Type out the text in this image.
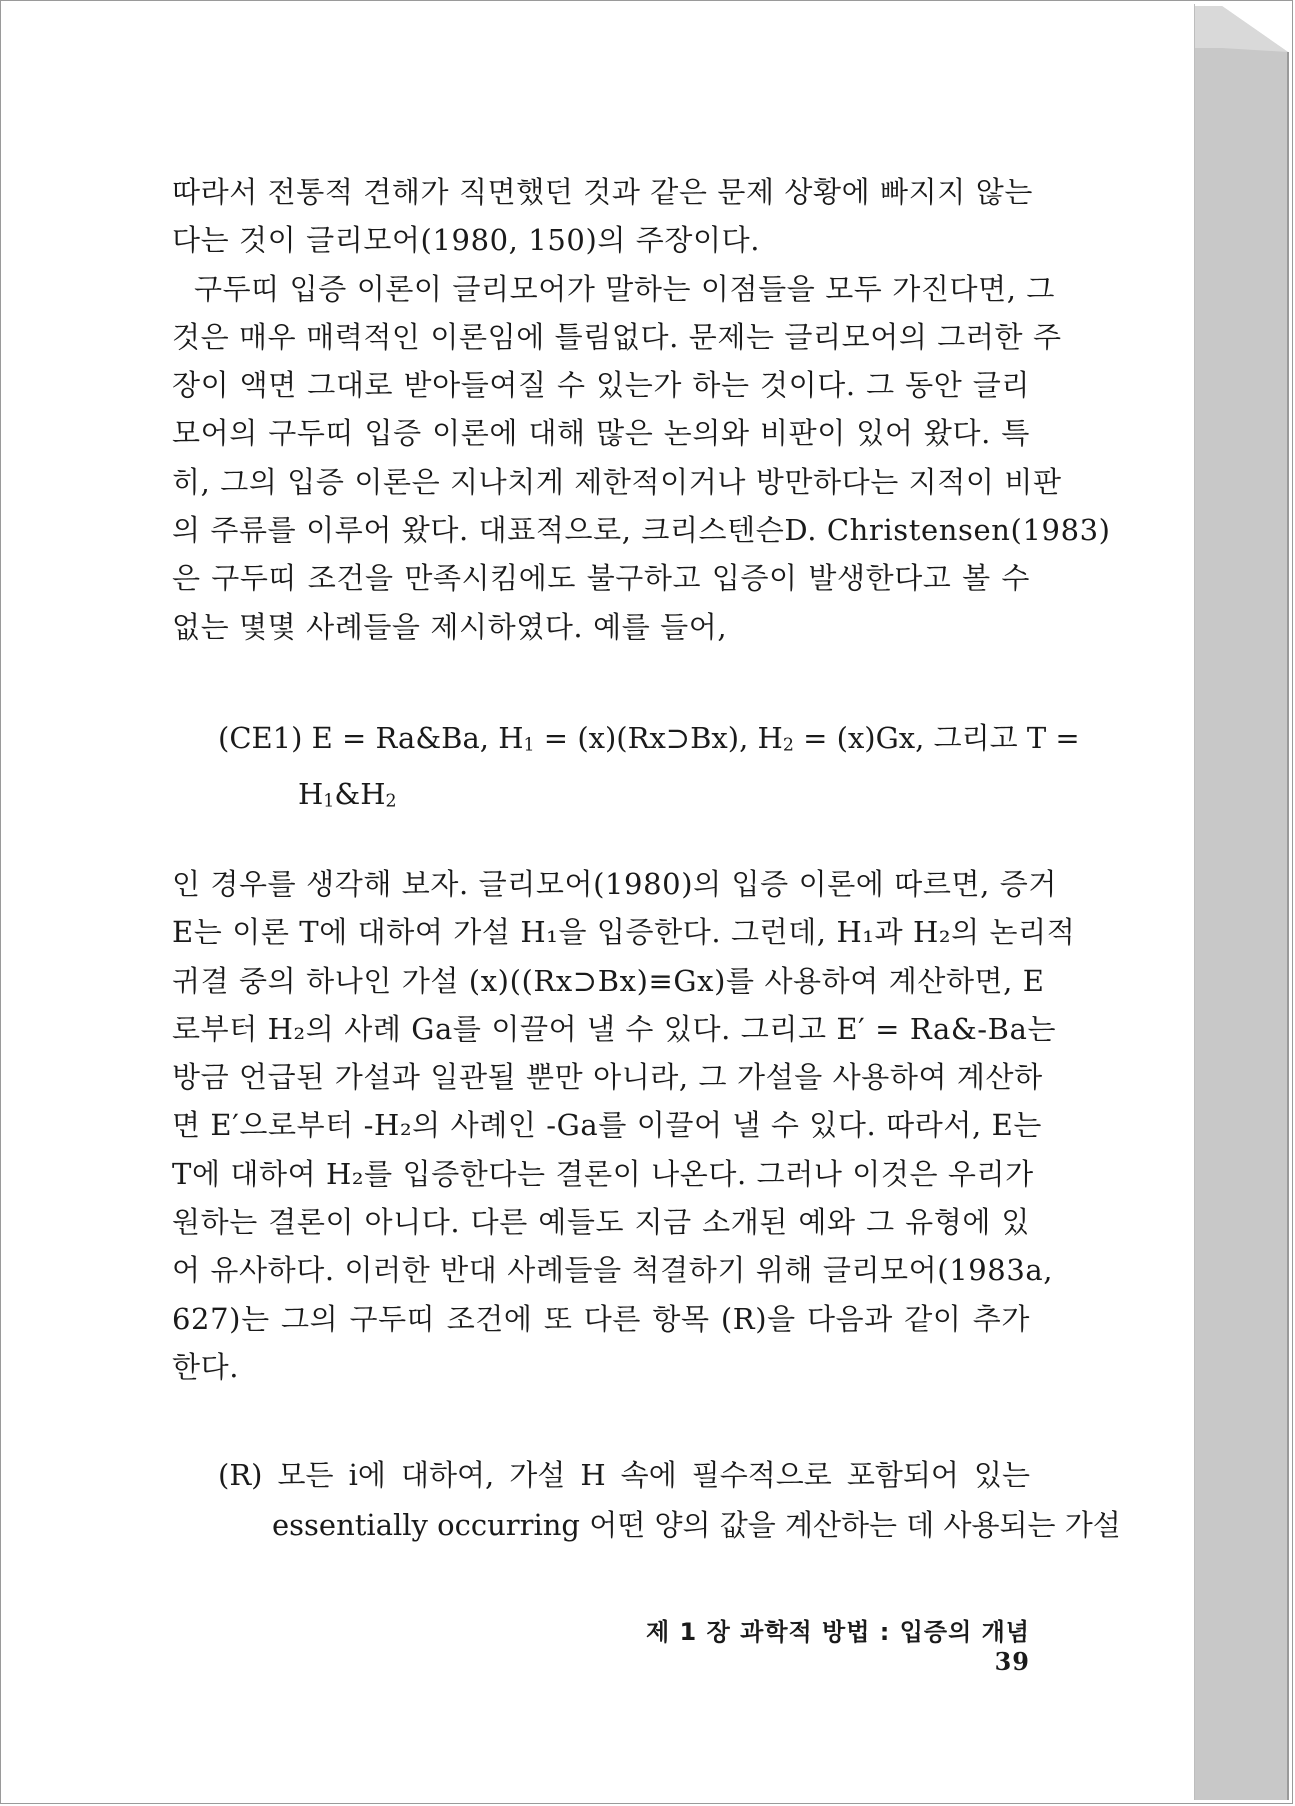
따라서 전통적 견해가 직면했던 것과 같은 문제 상황에 빠지지 않는
다는 것이 글리모어(1980, 150)의 주장이다.
구두띠 입증 이론이 글리모어가 말하는 이점들을 모두 가진다면, 그
것은 매우 매력적인 이론임에 틀림없다. 문제는 글리모어의 그러한 주
장이 액면 그대로 받아들여질 수 있는가 하는 것이다. 그 동안 글리
모어의 구두띠 입증 이론에 대해 많은 논의와 비판이 있어 왔다. 특
히, 그의 입증 이론은 지나치게 제한적이거나 방만하다는 지적이 비판
의 주류를 이루어 왔다. 대표적으로, 크리스텐슨D. Christensen(1983)
은 구두띠 조건을 만족시킴에도 불구하고 입증이 발생한다고 볼 수
없는 몇몇 사례들을 제시하였다. 예를 들어,
(CE1) E = Ra&Ba, $H_1$ = (x)(Rx⊃Bx), $H_2 = (x)Gx$, 그리고 T =
$H_1\&H_2$
인 경우를 생각해 보자. 글리모어(1980)의 입증 이론에 따르면, 증거
E는 이론 T에 대하여 가설 H₁을 입증한다. 그런데, H₁과 H₂의 논리적
귀결 중의 하나인 가설 (x)((Rx⊃Bx)≡Gx)를 사용하여 계산하면, E
로부터 H₂의 사례 Ga를 이끌어 낼 수 있다. 그리고 E′ = Ra&-Ba는
방금 언급된 가설과 일관될 뿐만 아니라, 그 가설을 사용하여 계산하
면 E′으로부터 -H₂의 사례인 -Ga를 이끌어 낼 수 있다. 따라서, E는
T에 대하여 H₂를 입증한다는 결론이 나온다. 그러나 이것은 우리가
원하는 결론이 아니다. 다른 예들도 지금 소개된 예와 그 유형에 있
어 유사하다. 이러한 반대 사례들을 척결하기 위해 글리모어(1983a,
627)는 그의 구두띠 조건에 또 다른 항목 (R)을 다음과 같이 추가
한다.
(R) 모든 i에 대하여, 가설 H 속에 필수적으로 포함되어 있는
essentially occurring 어떤 양의 값을 계산하는 데 사용되는 가설
제 1 장 과학적 방법 : 입증의 개념39
